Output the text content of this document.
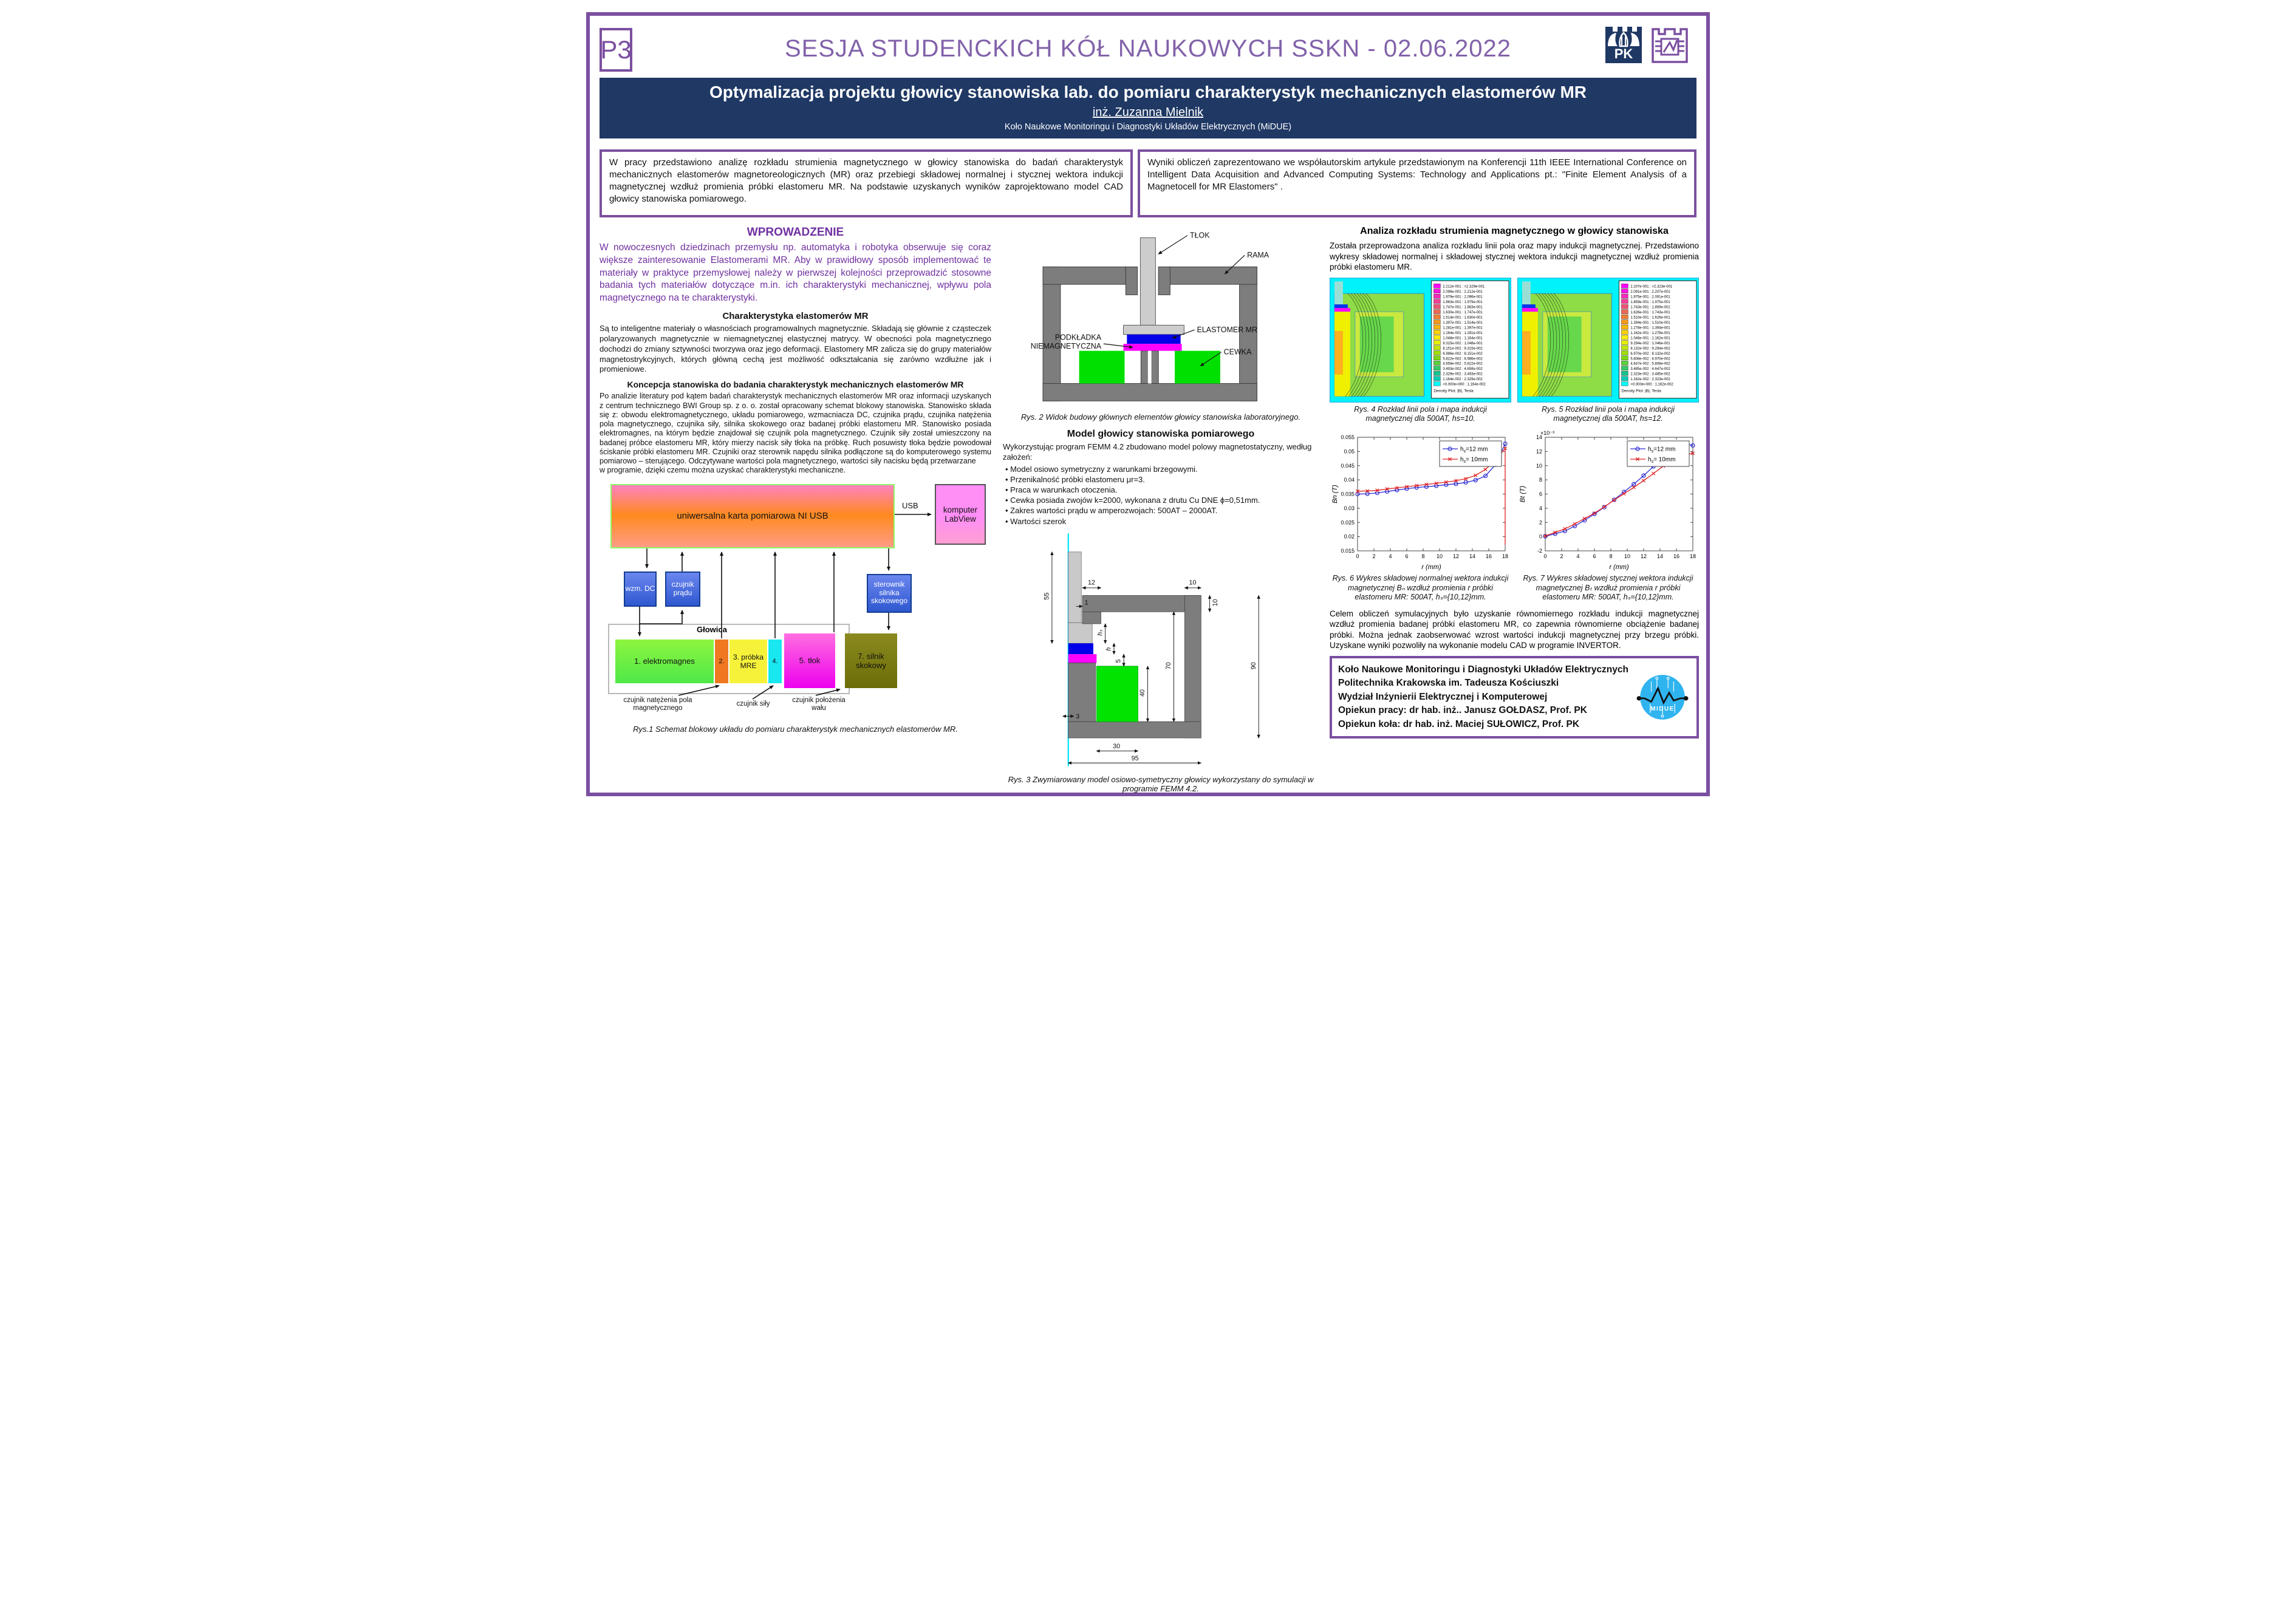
P3	SESJA STUDENCKICH KÓŁ NAUKOWYCH SSKN - 02.06.2022	PK
Optymalizacja projektu głowicy stanowiska lab. do pomiaru charakterystyk mechanicznych elastomerów MR
inż. Zuzanna Mielnik
Koło Naukowe Monitoringu i Diagnostyki Układów Elektrycznych (MiDUE)
W pracy przedstawiono analizę rozkładu strumienia magnetycznego w głowicy stanowiska do badań charakterystyk mechanicznych elastomerów magnetoreologicznych (MR) oraz przebiegi składowej normalnej i stycznej wektora indukcji magnetycznej wzdłuż promienia próbki elastomeru MR. Na podstawie uzyskanych wyników zaprojektowano model CAD głowicy stanowiska pomiarowego.
Wyniki obliczeń zaprezentowano we współautorskim artykule przedstawionym na Konferencji 11th IEEE International Conference on Intelligent Data Acquisition and Advanced Computing Systems: Technology and Applications pt.: "Finite Element Analysis of a Magnetocell for MR Elastomers" .
WPROWADZENIE

W nowoczesnych dziedzinach przemysłu np. automatyka i robotyka obserwuje się coraz większe zainteresowanie Elastomerami MR. Aby w prawidłowy sposób implementować te materiały w praktyce przemysłowej należy w pierwszej kolejności przeprowadzić stosowne badania tych materiałów dotyczące m.in. ich charakterystyki mechanicznej, wpływu pola magnetycznego na te charakterystyki.

Charakterystyka elastomerów MR

Są to inteligentne materiały o własnościach programowalnych magnetycznie. Składają się głównie z cząsteczek polaryzowanych magnetycznie w niemagnetycznej elastycznej matrycy. W obecności pola magnetycznego dochodzi do zmiany sztywności tworzywa oraz jego deformacji. Elastomery MR zalicza się do grupy materiałów magnetostrykcyjnych, których główną cechą jest możliwość odkształcania się zarówno wzdłużne jak i promieniowe.

Koncepcja stanowiska do badania charakterystyk mechanicznych elastomerów MR

Po analizie literatury pod kątem badań charakterystyk mechanicznych elastomerów MR oraz informacji uzyskanych z centrum technicznego BWI Group sp. z o. o. został opracowany schemat blokowy stanowiska. Stanowisko składa się z: obwodu elektromagnetycznego, układu pomiarowego, wzmacniacza DC, czujnika prądu, czujnika natężenia pola magnetycznego, czujnika siły, silnika skokowego oraz badanej próbki elastomeru MR. Stanowisko posiada elektromagnes, na którym będzie znajdował się czujnik pola magnetycznego. Czujnik siły został umieszczony na badanej próbce elastomeru MR, który mierzy nacisk siły tłoka na próbkę. Ruch posuwisty tłoka będzie powodował ściskanie próbki elastomeru MR. Czujniki oraz sterownik napędu silnika podłączone są do komputerowego systemu pomiarowo – sterującego. Odczytywane wartości pola magnetycznego, wartości siły nacisku będą przetwarzane

w programie, dzięki czemu można uzyskać charakterystyki mechaniczne.

uniwersalna karta pomiarowa NI USB
USB	komputer LabView
wzm. DC	czujnik prądu
sterownik silnika skokowego
Głowica
1. elektromagnes	2.	3. próbka MRE	4.	5. tłok	7. silnik skokowy
czujnik natężenia pola magnetycznego
czujnik siły	czujnik położenia wału
Rys.1 Schemat blokowy układu do pomiaru charakterystyk mechanicznych elastomerów MR.
TŁOK
RAMA
ELASTOMER MR
PODKŁADKA
NIEMAGNETYCZNA
CEWKA
Rys. 2 Widok budowy głównych elementów głowicy stanowiska laboratoryjnego.
Model głowicy stanowiska pomiarowego

Wykorzystując program FEMM 4.2 zbudowano model polowy magnetostatyczny, według założeń:

• Model osiowo symetryczny z warunkami brzegowymi.
• Przenikalność próbki elastomeru μr=3.
• Praca w warunkach otoczenia.
• Cewka posiada zwojów k=2000, wykonana z drutu Cu DNE ϕ=0,51mm.
• Zakres wartości prądu w amperozwojach: 500AT – 2000AT.
• Wartości szerok
12
1
55
hₛ
h
5
10
10
70	90
40
3
30
95
Rys. 3 Zwymiarowany model osiowo-symetryczny głowicy wykorzystany do symulacji w programie FEMM 4.2.
Analiza rozkładu strumienia magnetycznego w głowicy stanowiska

Została przeprowadzona analiza rozkładu linii pola oraz mapy indukcji magnetycznej. Przedstawiono wykresy składowej normalnej i składowej stycznej wektora indukcji magnetycznej wzdłuż promienia próbki elastomeru MR.

2.212e-001 : >2.329e-001
2.096e-001 : 2.212e-001
1.979e-001 : 2.096e-001
1.863e-001 : 1.979e-001
1.747e-001 : 1.863e-001
1.630e-001 : 1.747e-001
1.514e-001 : 1.630e-001
1.397e-001 : 1.514e-001
1.281e-001 : 1.397e-001
1.164e-001 : 1.281e-001
1.048e-001 : 1.164e-001
9.315e-002 : 1.048e-001
8.151e-002 : 9.315e-002
6.986e-002 : 8.151e-002
5.822e-002 : 6.986e-002
4.658e-002 : 5.822e-002
3.493e-002 : 4.658e-002
2.329e-002 : 3.493e-002
1.164e-002 : 2.329e-002
<0.000e+000 : 1.164e-002
Density Plot: |B|, Tesla
2.207e-001 : >2.323e-001
2.091e-001 : 2.207e-001
1.975e-001 : 2.091e-001
1.859e-001 : 1.975e-001
1.743e-001 : 1.859e-001
1.626e-001 : 1.743e-001
1.510e-001 : 1.626e-001
1.394e-001 : 1.510e-001
1.278e-001 : 1.394e-001
1.162e-001 : 1.278e-001
1.046e-001 : 1.162e-001
9.294e-002 : 1.046e-001
8.132e-002 : 9.294e-002
6.970e-002 : 8.132e-002
5.808e-002 : 6.970e-002
4.647e-002 : 5.808e-002
3.485e-002 : 4.647e-002
2.323e-002 : 3.485e-002
1.162e-002 : 2.323e-002
<0.000e+000 : 1.162e-002
Density Plot: |B|, Tesla
Rys. 4 Rozkład linii pola i mapa indukcji magnetycznej dla 500AT, hs=10.
Rys. 5 Rozkład linii pola i mapa indukcji magnetycznej dla 500AT, hs=12.
0 2 4 6 8 10 12 14 16 18
0.015
0.02
0.025
0.03
0.035
0.04
0.045
0.05
0.055
$h_s=12$ mm
$h_s= 10mm$
r (mm)
Bn (T)
0 2 4 6 8 10 12 14 16 18
-2
0
2
4
6
8
10
12
14
$h_s=12$ mm
$h_s= 10mm$
r (mm)
Bt (T)
×10⁻³
Rys. 6 Wykres składowej normalnej wektora indukcji magnetycznej Bₙ wzdłuż promienia r próbki elastomeru MR: 500AT, hₛ={10,12}mm.
Rys. 7 Wykres składowej stycznej wektora indukcji magnetycznej Bₜ wzdłuż promienia r próbki elastomeru MR: 500AT, hₛ={10,12}mm.

Celem obliczeń symulacyjnych było uzyskanie równomiernego rozkładu indukcji magnetycznej wzdłuż promienia badanej próbki elastomeru MR, co zapewnia równomierne obciążenie badanej próbki. Można jednak zaobserwować wzrost wartości indukcji magnetycznej przy brzegu próbki. Uzyskane wyniki pozwoliły na wykonanie modelu CAD w programie INVERTOR.

Koło Naukowe Monitoringu i Diagnostyki Układów Elektrycznych
Politechnika Krakowska im. Tadeusza Kościuszki
Wydział Inżynierii Elektrycznej i Komputerowej
Opiekun pracy: dr hab. inż.. Janusz GOŁDASZ, Prof. PK
Opiekun koła: dr hab. inż. Maciej SUŁOWICZ, Prof. PK
MIDUE
